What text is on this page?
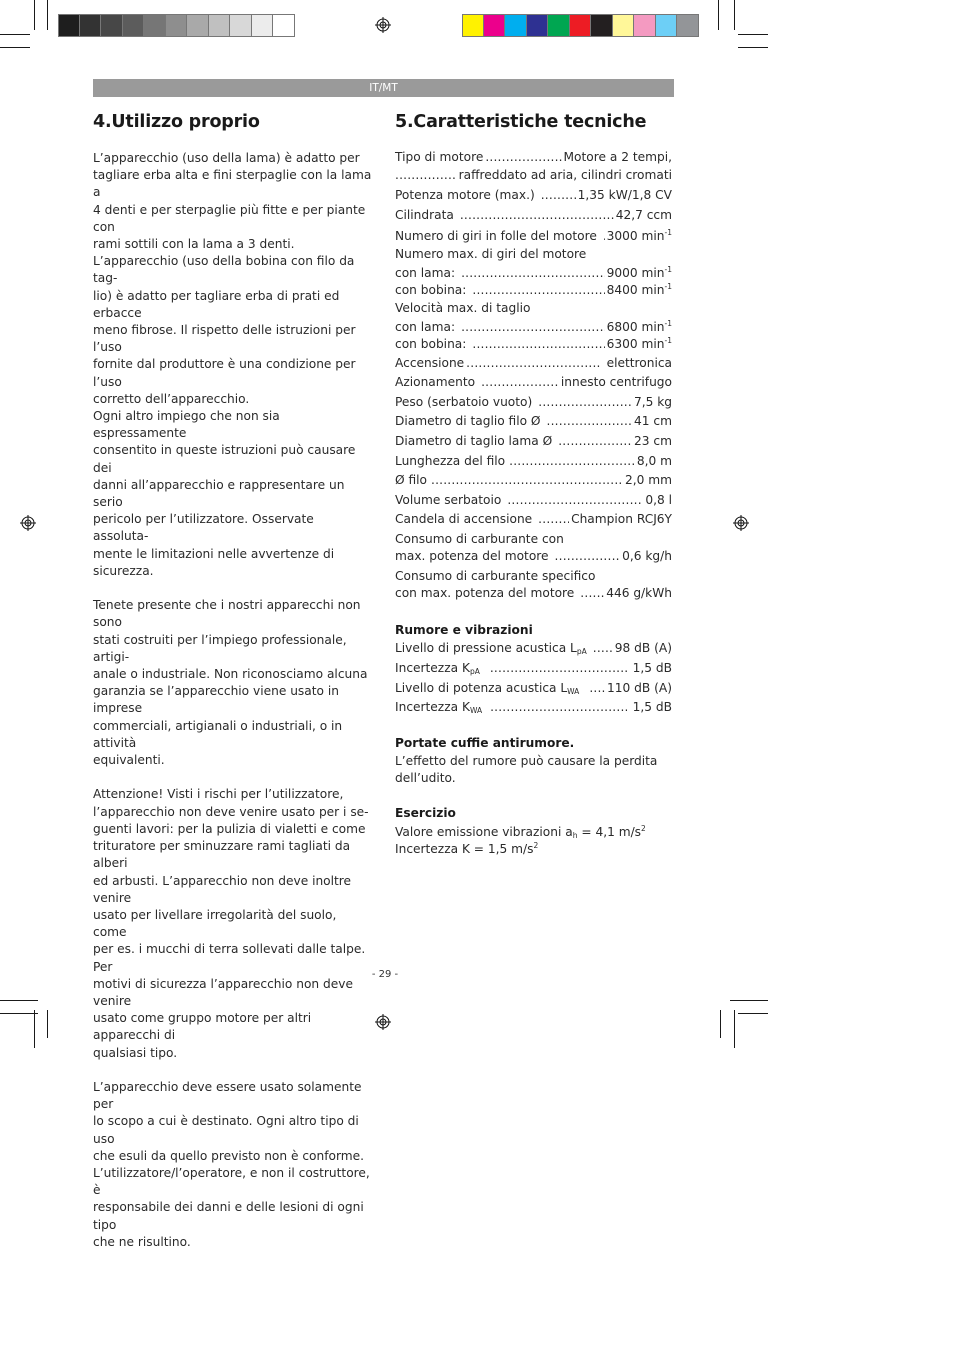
IT/MT
4.Utilizzo proprio

L’apparecchio (uso della lama) è adatto per

tagliare erba alta e fini sterpaglie con la lama a

4 denti e per sterpaglie più fitte e per piante con

rami sottili con la lama a 3 denti.

L’apparecchio (uso della bobina con filo da tag-

lio) è adatto per tagliare erba di prati ed erbacce

meno fibrose. Il rispetto delle istruzioni per l’uso

fornite dal produttore è una condizione per l’uso

corretto dell’apparecchio.

Ogni altro impiego che non sia espressamente

consentito in queste istruzioni può causare dei

danni all’apparecchio e rappresentare un serio

pericolo per l’utilizzatore. Osservate assoluta-

mente le limitazioni nelle avvertenze di sicurezza.

Tenete presente che i nostri apparecchi non sono

stati costruiti per l’impiego professionale, artigi-

anale o industriale. Non riconosciamo alcuna

garanzia se l’apparecchio viene usato in imprese

commerciali, artigianali o industriali, o in attività

equivalenti.

Attenzione! Visti i rischi per l’utilizzatore,

l’apparecchio non deve venire usato per i se-

guenti lavori: per la pulizia di vialetti e come

trituratore per sminuzzare rami tagliati da alberi

ed arbusti. L’apparecchio non deve inoltre venire

usato per livellare irregolarità del suolo, come

per es. i mucchi di terra sollevati dalle talpe. Per

motivi di sicurezza l’apparecchio non deve venire

usato come gruppo motore per altri apparecchi di

qualsiasi tipo.

L’apparecchio deve essere usato solamente per

lo scopo a cui è destinato. Ogni altro tipo di uso

che esuli da quello previsto non è conforme.

L’utilizzatore/l’operatore, e non il costruttore, è

responsabile dei danni e delle lesioni di ogni tipo

che ne risultino.

5.Caratteristiche tecniche
Tipo di motore .....	Motore a 2 tempi,
.....
raffreddato ad aria, cilindri cromati
Potenza motore (max.) .....	1,35 kW/1,8 CV
Cilindrata .....	42,7 ccm
Numero di giri in folle del motore ..... 3000 $\min^{-1}$
Numero max. di giri del motore
con lama: .....	9000 $\min^{-1}$
con bobina: .....	8400 $\min^{-1}$
Velocità max. di taglio
con lama: .....	6800 $\min^{-1}$
con bobina: .....	6300 $\min^{-1}$
Accensione .....	elettronica
Azionamento .....	innesto centrifugo
Peso (serbatoio vuoto) .....	7,5 kg
Diametro di taglio filo Ø .....	41 cm
Diametro di taglio lama Ø .....	23 cm
Lunghezza del filo .....	8,0 m
Ø filo .....	2,0 mm
Volume serbatoio .....	0,8 l
Candela di accensione .....	Champion RCJ6Y
Consumo di carburante con
max. potenza del motore .....	0,6 kg/h
Consumo di carburante specifico
con max. potenza del motore .....	446 g/kWh
Rumore e vibrazioni
Livello di pressione acustica $L_{pA}$ ..... 98 dB (A)
Incertezza $K_{pA}$ .....	1,5 dB
Livello di potenza acustica $L_{WA}$ ..... 110 dB (A)
Incertezza $K_{WA}$ .....	1,5 dB
Portate cuffie antirumore.
L’effetto del rumore può causare la perdita
dell’udito.
Esercizio
Valore emissione vibrazioni $a_h = 4,1$ $m/s^2$
Incertezza K = 1,5 $m/s^2$
- 29 -
